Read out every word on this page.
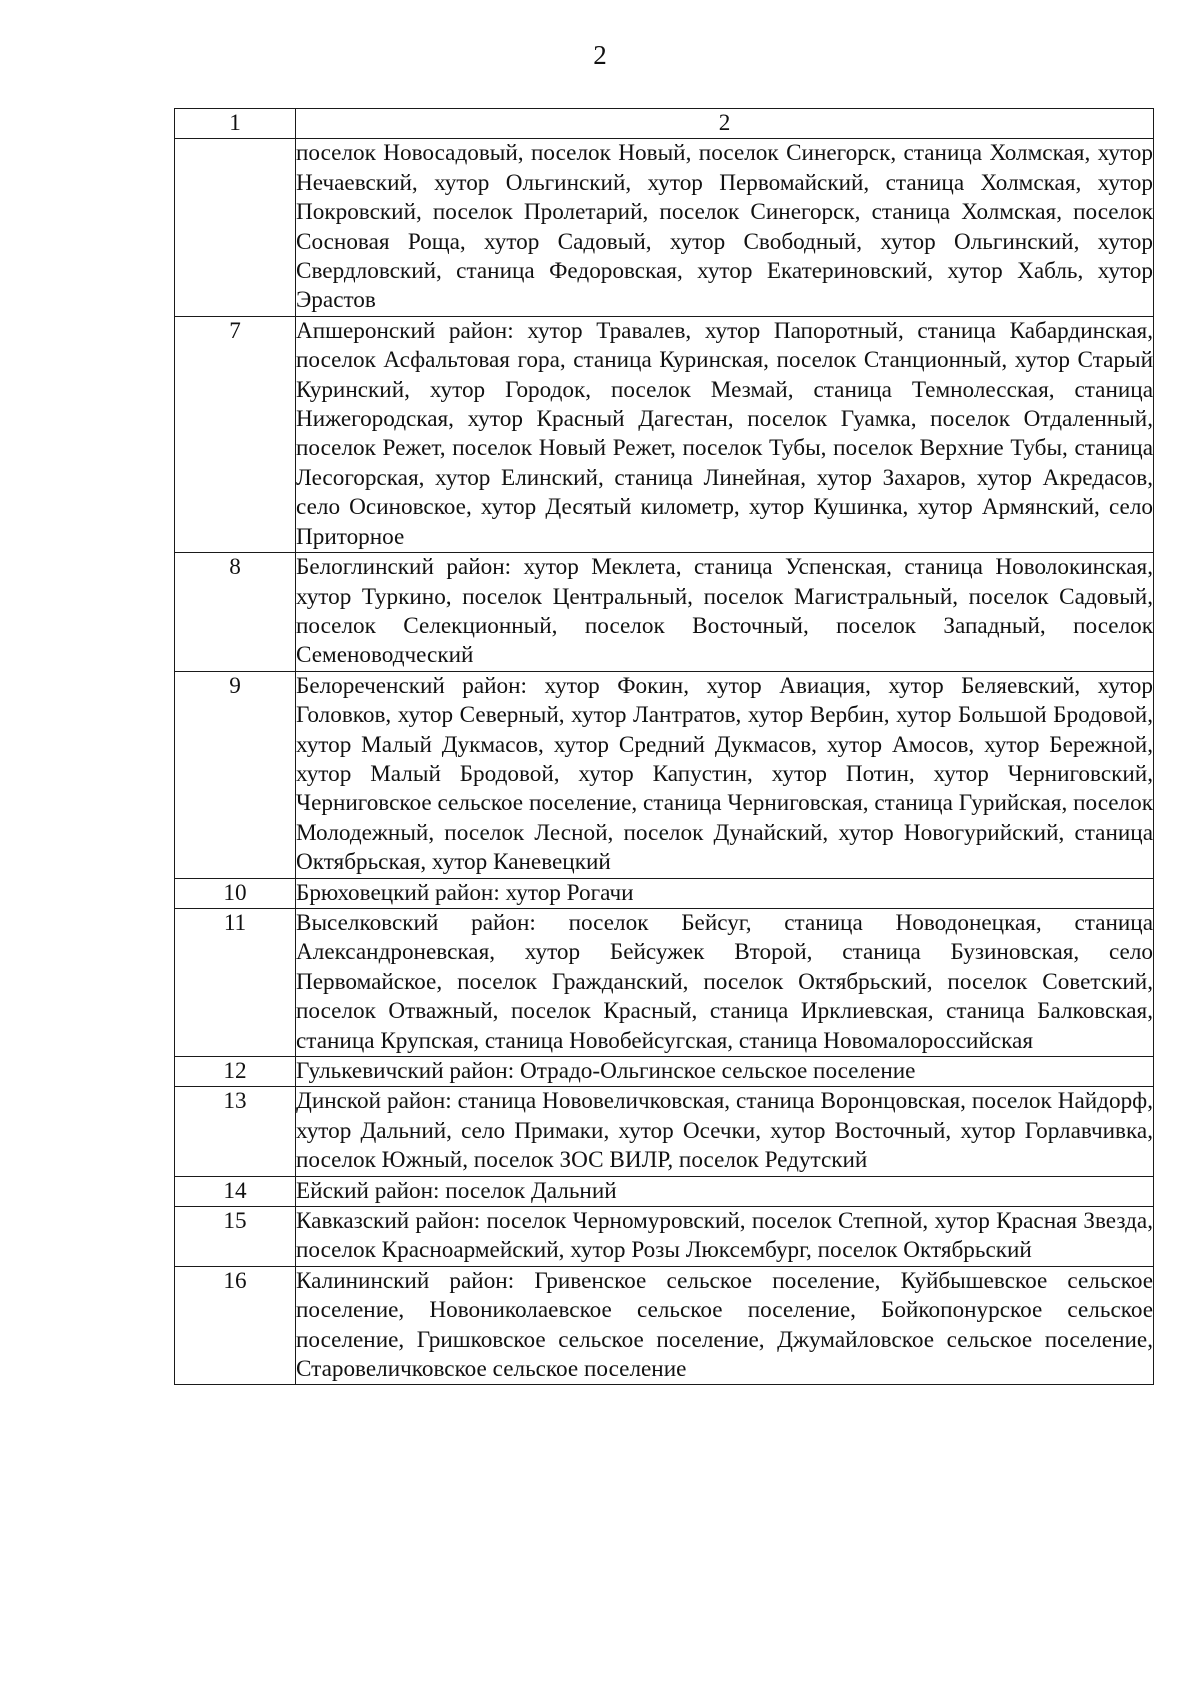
2
1	2
	поселок Новосадовый, поселок Новый, поселок Синегорск, станица Холмская, хутор Нечаевский, хутор Ольгинский, хутор Первомайский, станица Холмская, хутор Покровский, поселок Пролетарий, поселок Синегорск, станица Холмская, поселок Сосновая Роща, хутор Садовый, хутор Свободный, хутор Ольгинский, хутор Свердловский, станица Федоровская, хутор Екатериновский, хутор Хабль, хутор Эрастов
7	Апшеронский район: хутор Травалев, хутор Папоротный, станица Кабардинская, поселок Асфальтовая гора, станица Куринская, поселок Станционный, хутор Старый Куринский, хутор Городок, поселок Мезмай, станица Темнолесская, станица Нижегородская, хутор Красный Дагестан, поселок Гуамка, поселок Отдаленный, поселок Режет, поселок Новый Режет, поселок Тубы, поселок Верхние Тубы, станица Лесогорская, хутор Елинский, станица Линейная, хутор Захаров, хутор Акредасов, село Осиновское, хутор Десятый километр, хутор Кушинка, хутор Армянский, село Приторное
8	Белоглинский район: хутор Меклета, станица Успенская, станица Новолокинская, хутор Туркино, поселок Центральный, поселок Магистральный, поселок Садовый, поселок Селекционный, поселок Восточный, поселок Западный, поселок Семеноводческий
9	Белореченский район: хутор Фокин, хутор Авиация, хутор Беляевский, хутор Головков, хутор Северный, хутор Лантратов, хутор Вербин, хутор Большой Бродовой, хутор Малый Дукмасов, хутор Средний Дукмасов, хутор Амосов, хутор Бережной, хутор Малый Бродовой, хутор Капустин, хутор Потин, хутор Черниговский, Черниговское сельское поселение, станица Черниговская, станица Гурийская, поселок Молодежный, поселок Лесной, поселок Дунайский, хутор Новогурийский, станица Октябрьская, хутор Каневецкий
10	Брюховецкий район: хутор Рогачи
11	Выселковский район: поселок Бейсуг, станица Новодонецкая, станица Александроневская, хутор Бейсужек Второй, станица Бузиновская, село Первомайское, поселок Гражданский, поселок Октябрьский, поселок Советский, поселок Отважный, поселок Красный, станица Ирклиевская, станица Балковская, станица Крупская, станица Новобейсугская, станица Новомалороссийская
12	Гулькевичский район: Отрадо-Ольгинское сельское поселение
13	Динской район: станица Нововеличковская, станица Воронцовская, поселок Найдорф, хутор Дальний, село Примаки, хутор Осечки, хутор Восточный, хутор Горлавчивка, поселок Южный, поселок ЗОС ВИЛР, поселок Редутский
14	Ейский район: поселок Дальний
15	Кавказский район: поселок Черномуровский, поселок Степной, хутор Красная Звезда, поселок Красноармейский, хутор Розы Люксембург, поселок Октябрьский
16	Калининский район: Гривенское сельское поселение, Куйбышевское сельское поселение, Новониколаевское сельское поселение, Бойкопонурское сельское поселение, Гришковское сельское поселение, Джумайловское сельское поселение, Старовеличковское сельское поселение
